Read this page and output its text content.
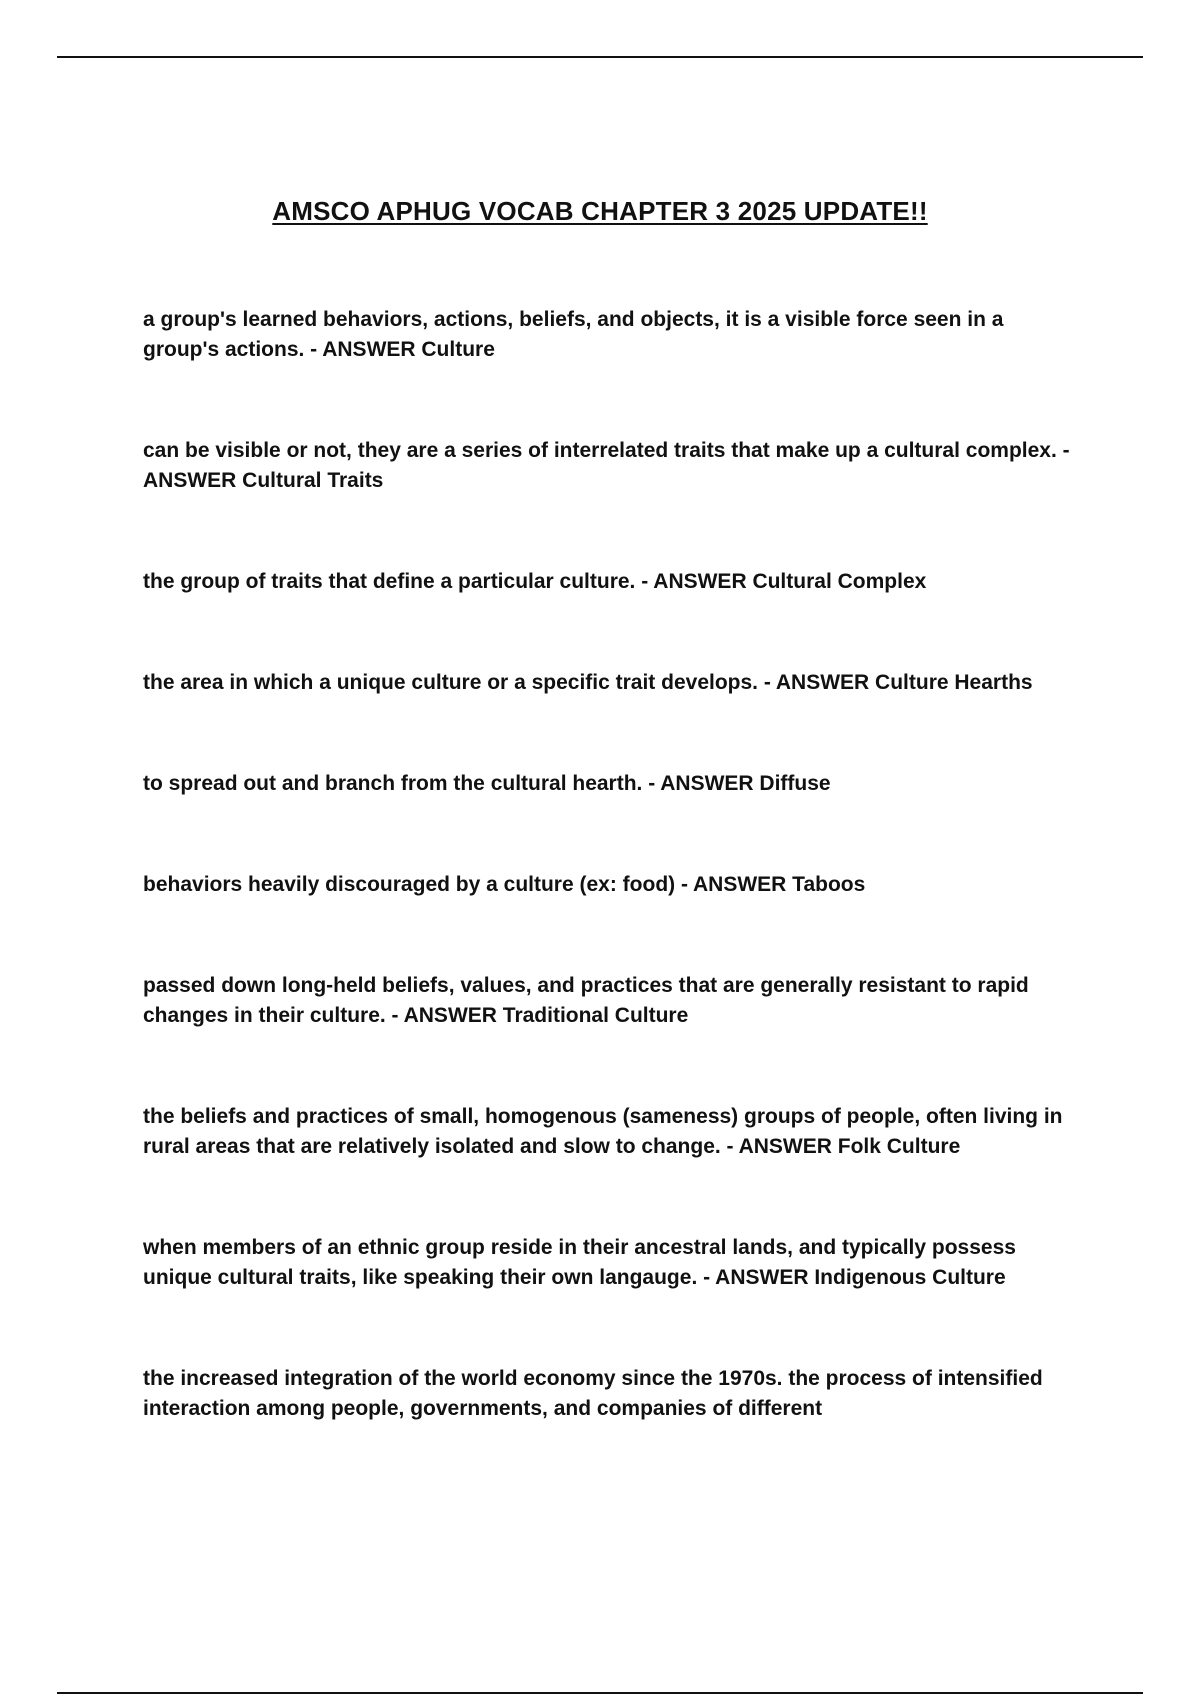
AMSCO APHUG VOCAB CHAPTER 3 2025 UPDATE!!
a group's learned behaviors, actions, beliefs, and objects, it is a visible force seen in a group's actions. - ANSWER Culture
can be visible or not, they are a series of interrelated traits that make up a cultural complex. - ANSWER Cultural Traits
the group of traits that define a particular culture. - ANSWER Cultural Complex
the area in which a unique culture or a specific trait develops. - ANSWER Culture Hearths
to spread out and branch from the cultural hearth. - ANSWER Diffuse
behaviors heavily discouraged by a culture (ex: food) - ANSWER Taboos
passed down long-held beliefs, values, and practices that are generally resistant to rapid changes in their culture. - ANSWER Traditional Culture
the beliefs and practices of small, homogenous (sameness) groups of people, often living in rural areas that are relatively isolated and slow to change. - ANSWER Folk Culture
when members of an ethnic group reside in their ancestral lands, and typically possess unique cultural traits, like speaking their own langauge. - ANSWER Indigenous Culture
the increased integration of the world economy since the 1970s. the process of intensified interaction among people, governments, and companies of different
